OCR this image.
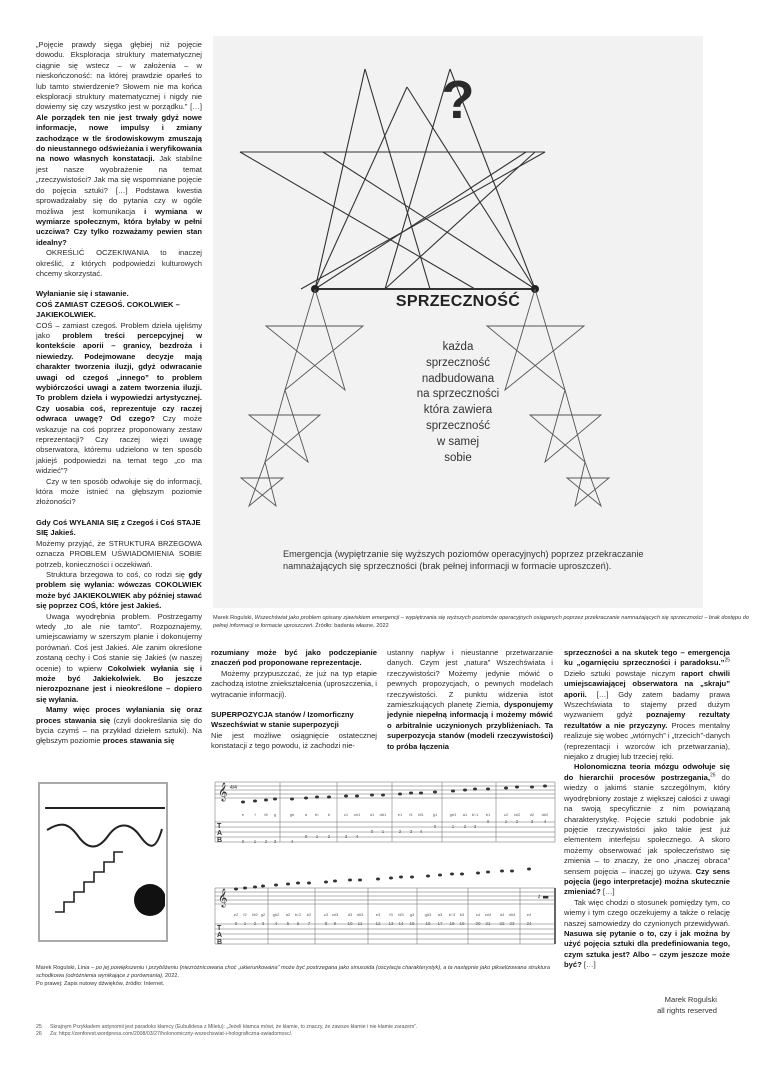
„Pojęcie prawdy sięga głębiej niż pojęcie dowodu. Eksploracja struktury matematycznej ciągnie się wstecz – w założenia – w nieskończoność: na której prawdzie oparłeś to lub tamto stwierdzenie? Słowem nie ma końca eksploracji struktury matematycznej i nigdy nie dowiemy się czy wszystko jest w porządku.” […] Ale porządek ten nie jest trwały gdyż nowe informacje, nowe impulsy i zmiany zachodzące w tle środowiskowym zmuszają do nieustannego odświeżania i weryfikowania na nowo własnych konstatacji. Jak stabilne jest nasze wyobrażenie na temat „rzeczywistości? Jak ma się wspomniane pojęcie do pojęcia sztuki? […] Podstawa kwestia sprowadzałaby się do pytania czy w ogóle możliwa jest komunikacja i wymiana w wymiarze społecznym, która byłaby w pełni uczciwa? Czy tylko rozważamy pewien stan idealny?

OKREŚLIĆ OCZEKIWANIA to inaczej określić, z których podpowiedzi kulturowych chcemy skorzystać.

Wyłanianie się i stawanie.

COŚ ZAMIAST CZEGOŚ. COKOLWIEK – JAKIEKOLWIEK.

COŚ – zamiast czegoś. Problem dzieła ujęliśmy jako problem treści percepcyjnej w kontekście aporii – granicy, bezdroża i niewiedzy. Podejmowane decyzje mają charakter tworzenia iluzji, gdyż odwracanie uwagi od czegoś „innego” to problem wybiórczości uwagi a zatem tworzenia iluzji. To problem dzieła i wypowiedzi artystycznej. Czy uosabia coś, reprezentuje czy raczej odwraca uwagę? Od czego? Czy może wskazuje na coś poprzez proponowany zestaw reprezentacji? Czy raczej więzi uwagę obserwatora, któremu udzielono w ten sposób jakiejś podpowiedzi na temat tego „co ma widzieć”?

Czy w ten sposób odwołuje się do informacji, która może istnieć na głębszym poziomie złożoności?

Gdy Coś WYŁANIA SIĘ z Czegoś i Coś STAJE SIĘ Jakieś.

Możemy przyjąć, że STRUKTURA BRZEGOWA oznacza PROBLEM UŚWIADOMIENIA SOBIE potrzeb, konieczności i oczekiwań.

Struktura brzegowa to coś, co rodzi się gdy problem się wyłania: wówczas COKOLWIEK może być JAKIEKOLWIEK aby później stawać się poprzez COŚ, które jest Jakieś.

Uwaga wyodrębnia problem. Postrzegamy wtedy „to ale nie tamto”. Rozpoznajemy, umiejscawiamy w szerszym planie i dokonujemy porównań. Coś jest Jakieś. Ale zanim określone zostaną cechy i Coś stanie się Jakieś (w naszej ocenie) to wpierw Cokolwiek wyłania się i może być Jakiekolwiek. Bo jeszcze nierozpoznane jest i nieokreślone – dopiero się wyłania.

Mamy więc proces wyłaniania się oraz proces stawania się (czyli dookreślania się do bycia czymś – na przykład dziełem sztuki). Na głębszym poziomie proces stawania się

?
SPRZECZNOŚĆ
każda
sprzeczność
nadbudowana
na sprzeczności
która zawiera
sprzeczność
w samej
sobie
Emergencja (wypiętrzanie się wyższych poziomów operacyjnych) poprzez przekraczanie namnażających się sprzeczności (brak pełnej informacji w formacie uproszczeń).
Marek Rogulski, Wszechświat jako problem opisany zjawiskiem emergencji – wypiętrzania się wyższych poziomów operacyjnych osiąganych poprzez przekraczanie namnażających się sprzeczności – brak dostępu do pełnej informacji w formacie uproszczeń. Źródło: badania własne, 2022

rozumiany może być jako podczepianie znaczeń pod proponowane reprezentacje.

Możemy przypuszczać, że już na typ etapie zachodzą istotne zniekształcenia (uproszczenia, i wytracanie informacji).

SUPERPOZYCJA stanów / Izomorficzny Wszechświat w stanie superpozycji

Nie jest możliwe osiągnięcie ostatecznej konstatacji z tego powodu, iż zachodzi nie-

ustanny napływ i nieustanne przetwarzanie danych. Czym jest „natura” Wszechświata i rzeczywistości? Możemy jedynie mówić o pewnych propozycjach, o pewnych modelach rzeczywistości. Z punktu widzenia istot zamieszkujących planetę Ziemia, dysponujemy jedynie niepełną informacją i możemy mówić o arbitralnie uczynionych przybliżeniach. Ta superpozycja stanów (modeli rzeczywistości) to próba łączenia

sprzeczności a na skutek tego – emergencja ku „ogarnięciu sprzeczności i paradoksu.”$^{25}$ Dzieło sztuki powstaje niczym raport chwili umiejscawiającej obserwatora na „skraju” aporii. […] Gdy zatem badamy prawa Wszechświata to stajemy przed dużym wyzwaniem gdyż poznajemy rezultaty rezultatów a nie przyczyny. Proces mentalny realizuje się wobec „wtórnych” i „trzecich”-danych (reprezentacji i wzorców ich przetwarzania), niejako z drugiej lub trzeciej ręki.

Holonomiczna teoria mózgu odwołuje się do hierarchii procesów postrzegania,$^{26}$ do wiedzy o jakimś stanie szczególnym, który wyodrębniony zostaje z większej całości z uwagi na swoją specyficznie z nim powiązaną charakterystykę. Pojęcie sztuki podobnie jak pojęcie rzeczywistości jako takie jest już elementem interfejsu społecznego. A skoro możemy obserwować jak społeczeństwo się zmienia – to znaczy, że ono „inaczej obraca” sensem pojęcia – inaczej go używa. Czy sens pojęcia (jego interpretacje) można skutecznie zmieniać? […]

Tak więc chodzi o stosunek pomiędzy tym, co wiemy i tym czego oczekujemy a także o relację naszej samowiedzy do czynionych przewidywań. Nasuwa się pytanie o to, czy i jak można by użyć pojęcia sztuki dla predefiniowania tego, czym sztuka jest? Albo – czym jeszcze może być? […]

Marek Rogulski
all rights reserved
𝄞 4/4
e	f f# g	g#	a b♭ b	c1 c#1 d1 d#1	e1 f1 f#1 g1	g#1 a1 b♭1 b1	c2 c#2 d2 d#2
T
A
B	0 1 2 3	4
0 1 2	3 4
0 1	2 3 4
0	1 2 3
0	1 2	3 4
𝄞	𝄽 ▬
e2 f2 f#2 g2 g#2 a2 b♭2 b2	c3 c#3 d3 d#3	e3 f3 f#3 g3	g#3 a3 b♭3 b3	c4 c#4 d4 d#4	e4
T
A
B
0 1 2 3 4 5 6 7	8 9 10 11	12 13 14 15 16 17 18 19 20 21 22 23	24
Marek Rogulski, Linia – po jej powiększeniu i przybliżeniu (niezróżnicowana choć „ukierunkowana” może być postrzegana jako sinusoida (oscylacja charakterystyk), a ta następnie jako pikselizowana struktura schodkowa (odróżnienia wynikające z porównania), 2022.
Po prawej: Zapis nutowy dźwięków, źródło: Internet.
25	Skrajnym Przykładem antynomii jest paradoks kłamcy (Eubulidesa z Miletu): „Jeżeli kłamca mówi, że kłamie, to znaczy, że zawsze kłamie i nie kłamie zarazem”.
26	Za: https://zenforest.wordpress.com/2008/03/27/holonomiczny-wszechswiat-i-holograficzna-swiadomosc/.
